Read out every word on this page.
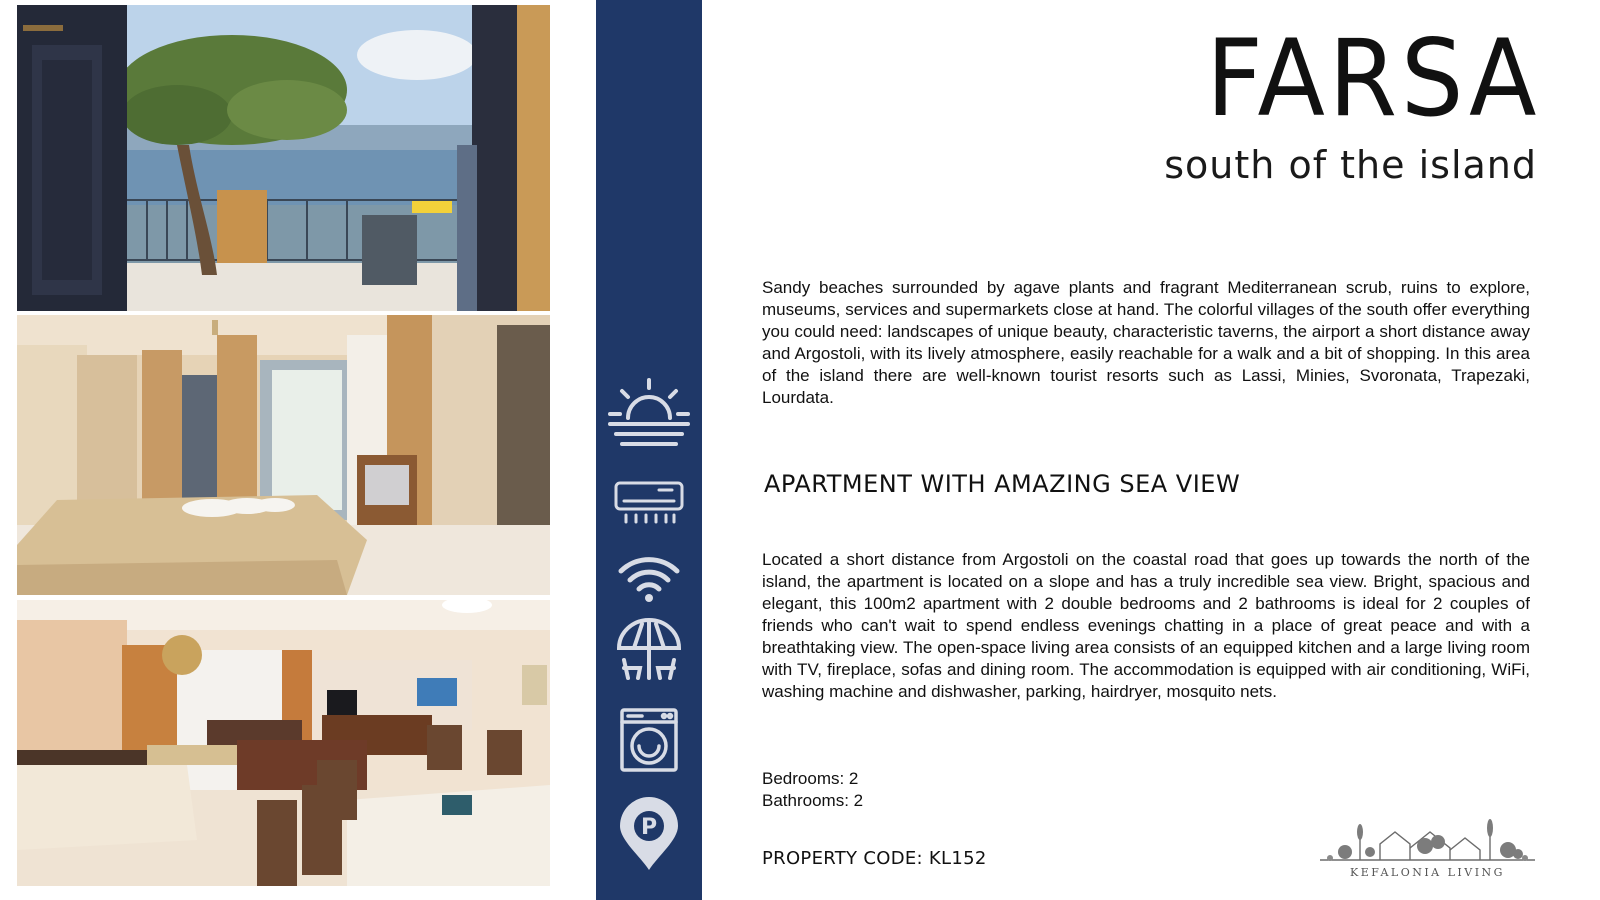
P
FARSA
south of the island

Sandy beaches surrounded by agave plants and fragrant Mediterranean scrub, ruins to explore, museums, services and supermarkets close at hand. The colorful villages of the south offer everything you could need: landscapes of unique beauty, characteristic taverns, the airport a short distance away and Argostoli, with its lively atmosphere, easily reachable for a walk and a bit of shopping. In this area of the island there are well-known tourist resorts such as Lassi, Minies, Svoronata, Trapezaki, Lourdata.

APARTMENT WITH AMAZING SEA VIEW

Located a short distance from Argostoli on the coastal road that goes up towards the north of the island, the apartment is located on a slope and has a truly incredible sea view. Bright, spacious and elegant, this 100m2 apartment with 2 double bedrooms and 2 bathrooms is ideal for 2 couples of friends who can't wait to spend endless evenings chatting in a place of great peace and with a breathtaking view. The open-space living area consists of an equipped kitchen and a large living room with TV, fireplace, sofas and dining room. The accommodation is equipped with air conditioning, WiFi, washing machine and dishwasher, parking, hairdryer, mosquito nets.

Bedrooms: 2
Bathrooms: 2
PROPERTY CODE: KL152
KEFALONIA LIVING
